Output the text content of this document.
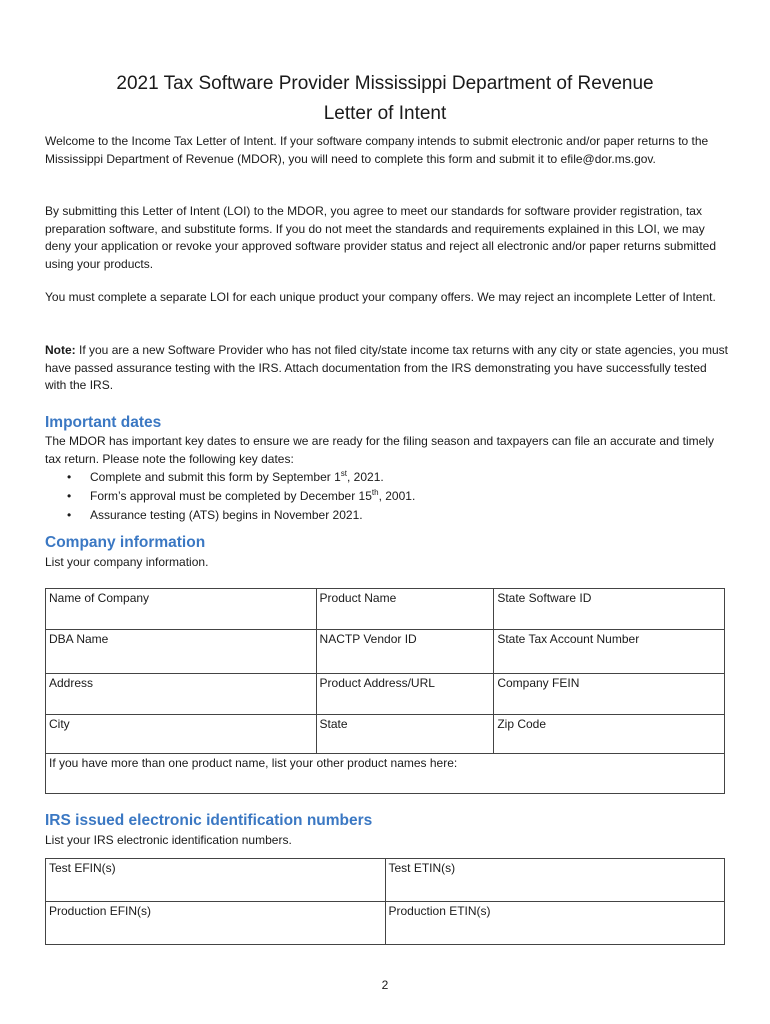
2021 Tax Software Provider Mississippi Department of Revenue
Letter of Intent

Welcome to the Income Tax Letter of Intent. If your software company intends to submit electronic and/or paper returns to the Mississippi Department of Revenue (MDOR), you will need to complete this form and submit it to efile@dor.ms.gov.

By submitting this Letter of Intent (LOI) to the MDOR, you agree to meet our standards for software provider registration, tax preparation software, and substitute forms. If you do not meet the standards and requirements explained in this LOI, we may deny your application or revoke your approved software provider status and reject all electronic and/or paper returns submitted using your products.

You must complete a separate LOI for each unique product your company offers. We may reject an incomplete Letter of Intent.

Note: If you are a new Software Provider who has not filed city/state income tax returns with any city or state agencies, you must have passed assurance testing with the IRS. Attach documentation from the IRS demonstrating you have successfully tested with the IRS.

Important dates

The MDOR has important key dates to ensure we are ready for the filing season and taxpayers can file an accurate and timely tax return. Please note the following key dates:

• Complete and submit this form by September 1st, 2021.
• Form’s approval must be completed by December 15th, 2001.
• Assurance testing (ATS) begins in November 2021.
Company information

List your company information.

Name of Company	Product Name	State Software ID
DBA Name	NACTP Vendor ID	State Tax Account Number
Address	Product Address/URL	Company FEIN
City	State	Zip Code
If you have more than one product name, list your other product names here:		
IRS issued electronic identification numbers

List your IRS electronic identification numbers.

Test EFIN(s)	Test ETIN(s)
Production EFIN(s)	Production ETIN(s)
2
